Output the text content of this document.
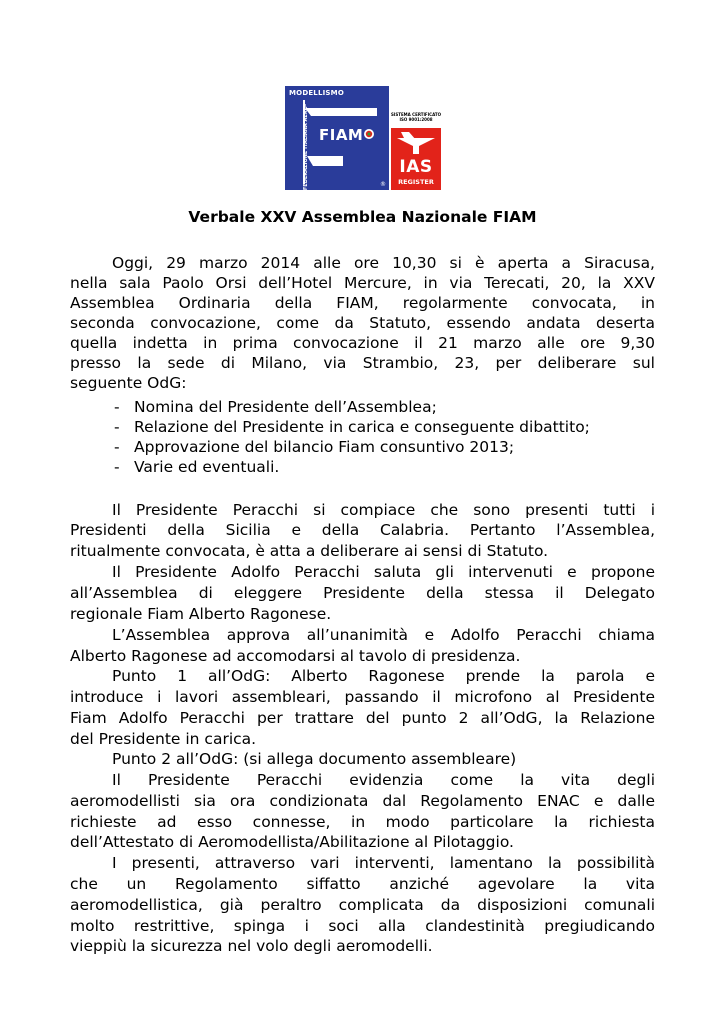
MODELLISMO
FEDERAZIONE ITALIANA AERO- FIAM
®
SISTEMA CERTIFICATO
ISO 9001:2008
IAS
REGISTER
Verbale XXV Assemblea Nazionale FIAM
Oggi, 29 marzo 2014 alle ore 10,30 si è aperta a Siracusa,
nella sala Paolo Orsi dell’Hotel Mercure, in via Terecati, 20, la XXV
Assemblea Ordinaria della FIAM, regolarmente convocata, in
seconda convocazione, come da Statuto, essendo andata deserta
quella indetta in prima convocazione il 21 marzo alle ore 9,30
presso la sede di Milano, via Strambio, 23, per deliberare sul
seguente OdG:
- Nomina del Presidente dell’Assemblea;
- Relazione del Presidente in carica e conseguente dibattito;
- Approvazione del bilancio Fiam consuntivo 2013;
- Varie ed eventuali.
Il Presidente Peracchi si compiace che sono presenti tutti i
Presidenti della Sicilia e della Calabria. Pertanto l’Assemblea,
ritualmente convocata, è atta a deliberare ai sensi di Statuto.
Il Presidente Adolfo Peracchi saluta gli intervenuti e propone
all’Assemblea di eleggere Presidente della stessa il Delegato
regionale Fiam Alberto Ragonese.
L’Assemblea approva all’unanimità e Adolfo Peracchi chiama
Alberto Ragonese ad accomodarsi al tavolo di presidenza.
Punto 1 all’OdG: Alberto Ragonese prende la parola e
introduce i lavori assembleari, passando il microfono al Presidente
Fiam Adolfo Peracchi per trattare del punto 2 all’OdG, la Relazione
del Presidente in carica.
Punto 2 all’OdG: (si allega documento assembleare)
Il Presidente Peracchi evidenzia come la vita degli
aeromodellisti sia ora condizionata dal Regolamento ENAC e dalle
richieste ad esso connesse, in modo particolare la richiesta
dell’Attestato di Aeromodellista/Abilitazione al Pilotaggio.
I presenti, attraverso vari interventi, lamentano la possibilità
che un Regolamento siffatto anziché agevolare la vita
aeromodellistica, già peraltro complicata da disposizioni comunali
molto restrittive, spinga i soci alla clandestinità pregiudicando
vieppiù la sicurezza nel volo degli aeromodelli.
